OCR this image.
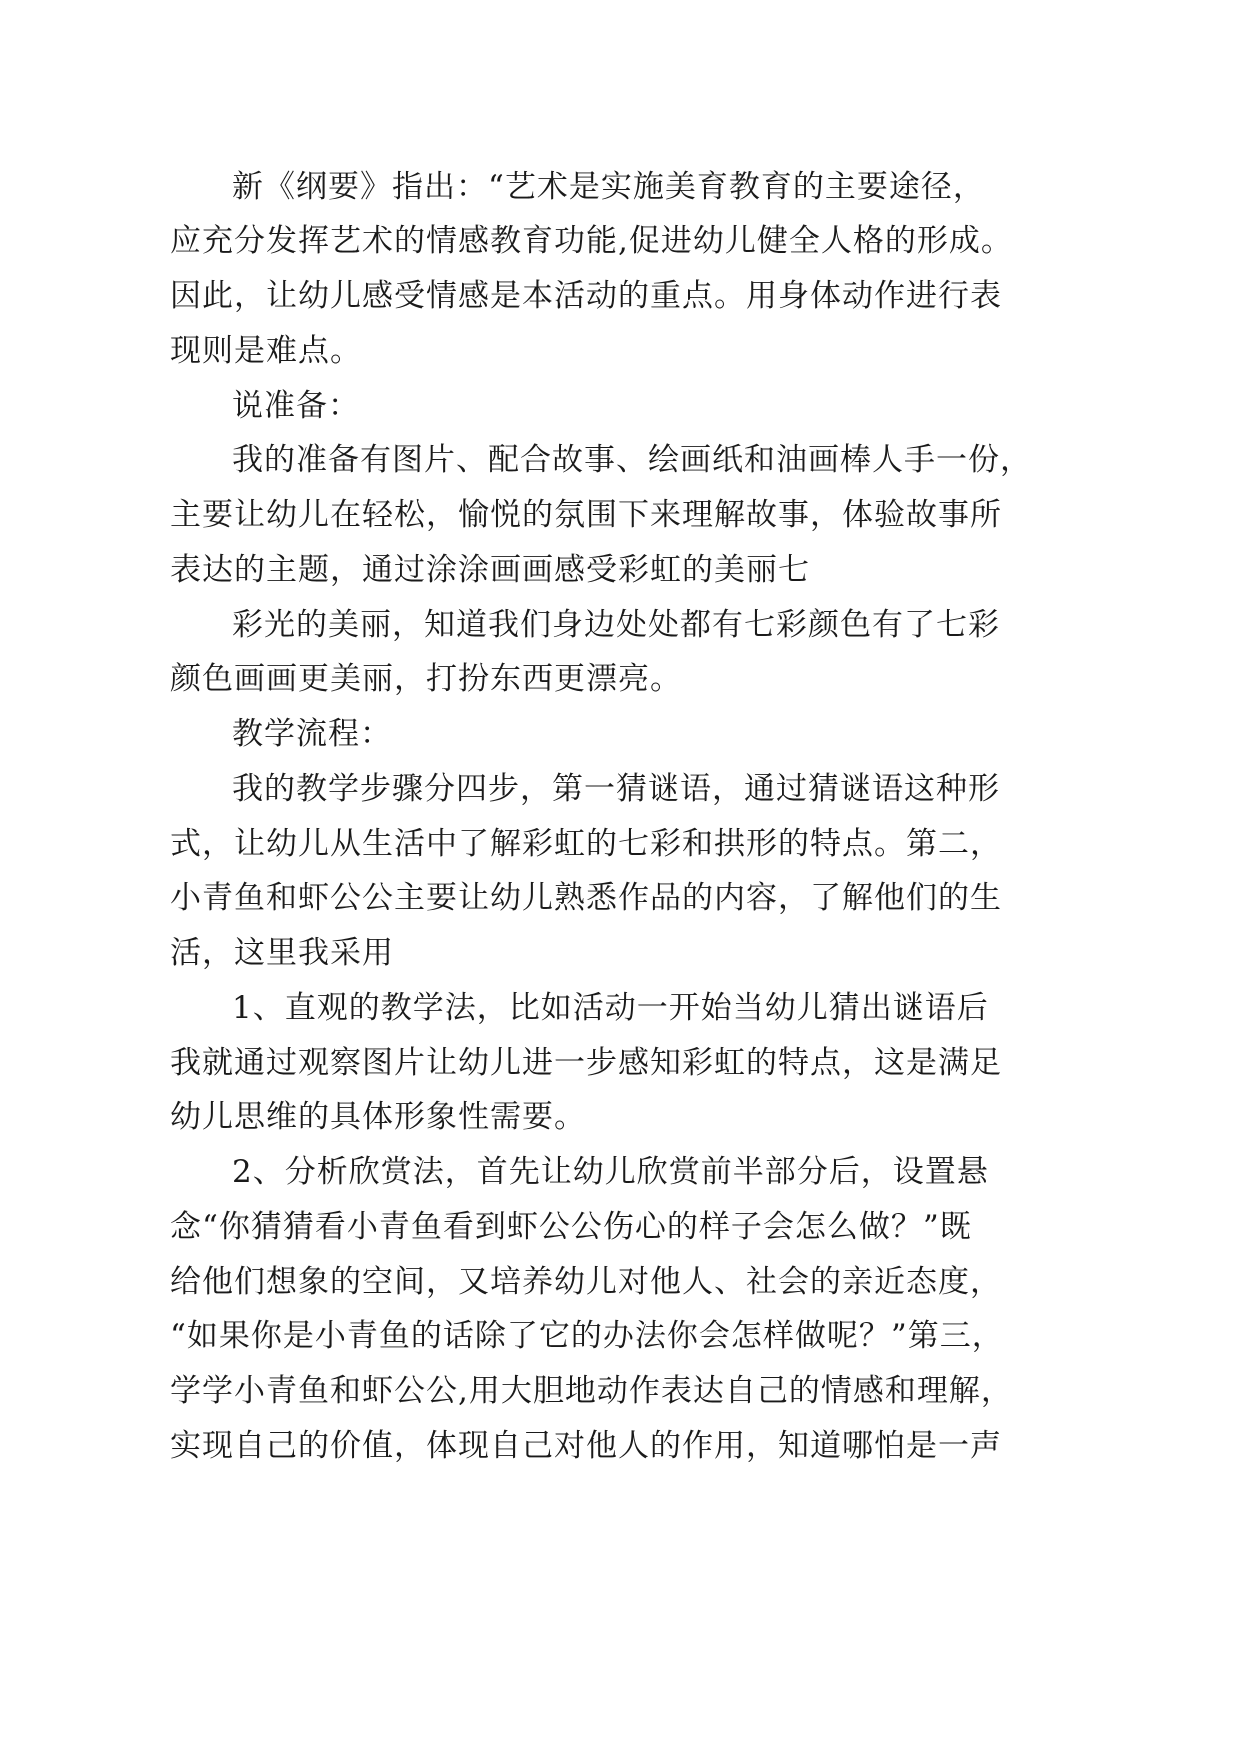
新《纲要》指出：“艺术是实施美育教育的主要途径，
应充分发挥艺术的情感教育功能,促进幼儿健全人格的形成。
因此，让幼儿感受情感是本活动的重点。用身体动作进行表
现则是难点。
说准备：
我的准备有图片、配合故事、绘画纸和油画棒人手一份，
主要让幼儿在轻松，愉悦的氛围下来理解故事，体验故事所
表达的主题，通过涂涂画画感受彩虹的美丽七
彩光的美丽，知道我们身边处处都有七彩颜色有了七彩
颜色画画更美丽，打扮东西更漂亮。
教学流程：
我的教学步骤分四步，第一猜谜语，通过猜谜语这种形
式，让幼儿从生活中了解彩虹的七彩和拱形的特点。第二，
小青鱼和虾公公主要让幼儿熟悉作品的内容，了解他们的生
活，这里我采用
1、直观的教学法，比如活动一开始当幼儿猜出谜语后
我就通过观察图片让幼儿进一步感知彩虹的特点，这是满足
幼儿思维的具体形象性需要。
2、分析欣赏法，首先让幼儿欣赏前半部分后，设置悬
念“你猜猜看小青鱼看到虾公公伤心的样子会怎么做？”既
给他们想象的空间，又培养幼儿对他人、社会的亲近态度，
“如果你是小青鱼的话除了它的办法你会怎样做呢？”第三，
学学小青鱼和虾公公,用大胆地动作表达自己的情感和理解，
实现自己的价值，体现自己对他人的作用，知道哪怕是一声
